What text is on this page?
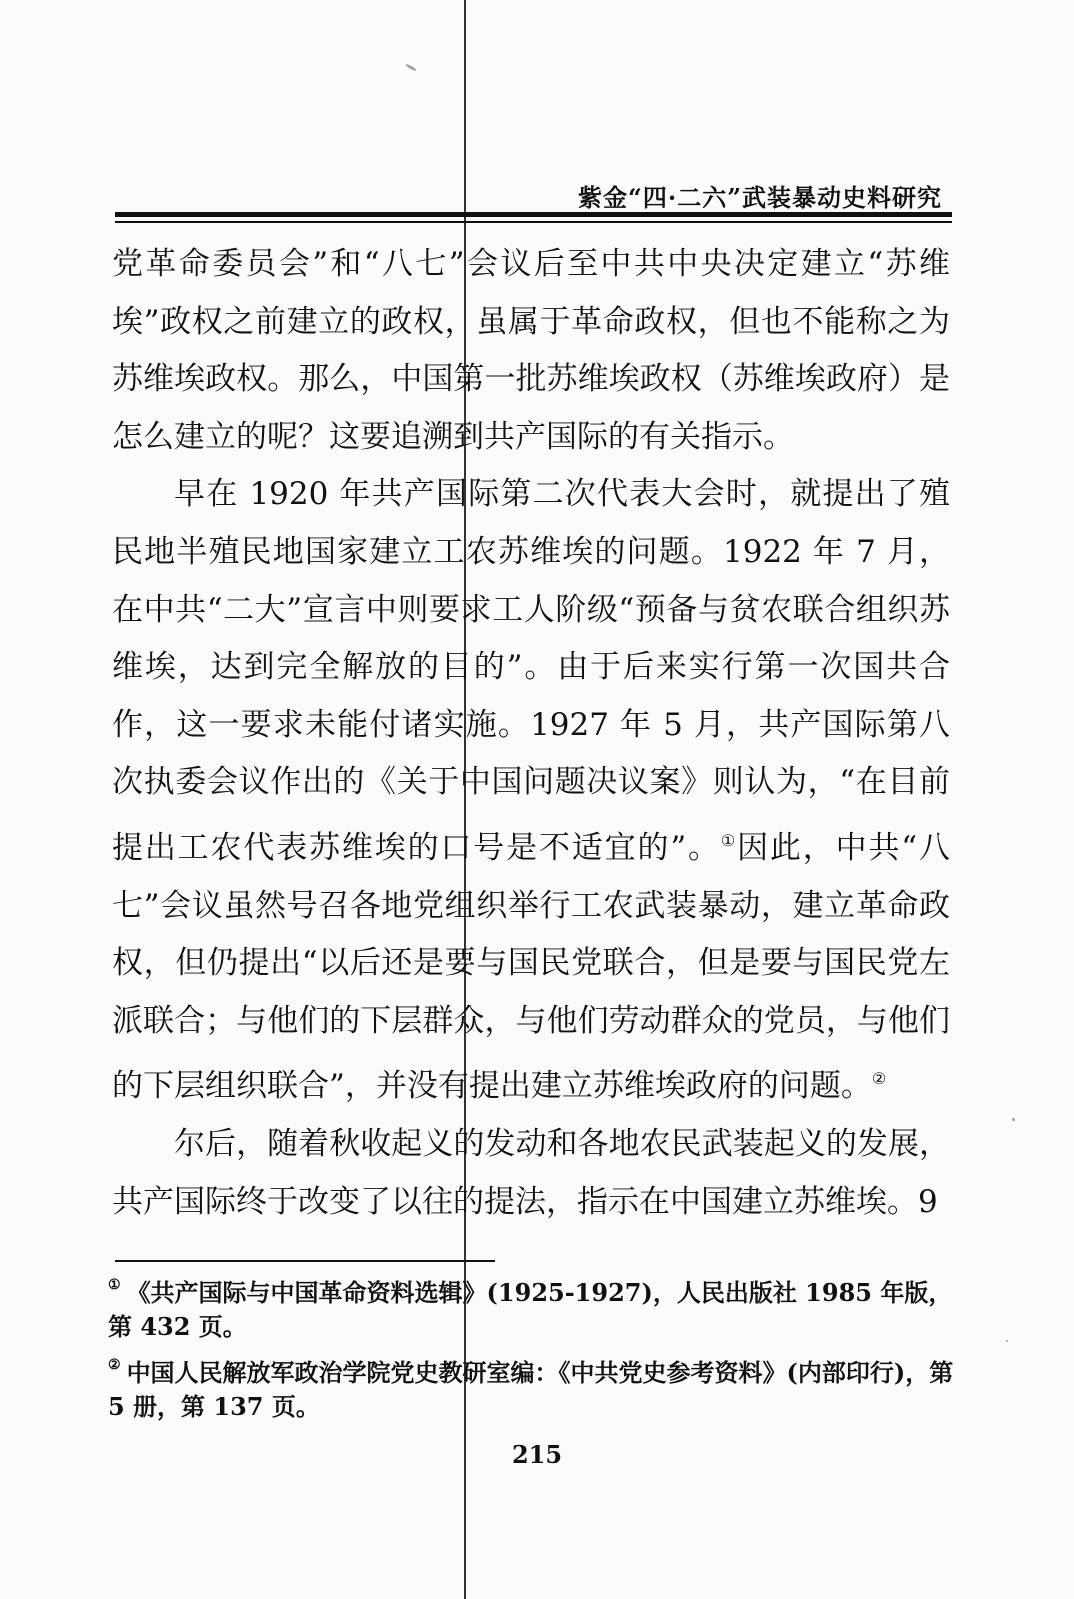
紫金“四·二六”武装暴动史料研究

党革命委员会”和“八七”会议后至中共中央决定建立“苏维埃”政权之前建立的政权，虽属于革命政权，但也不能称之为苏维埃政权。那么，中国第一批苏维埃政权（苏维埃政府）是怎么建立的呢？这要追溯到共产国际的有关指示。

早在 1920 年共产国际第二次代表大会时，就提出了殖民地半殖民地国家建立工农苏维埃的问题。1922 年 7 月，在中共“二大”宣言中则要求工人阶级“预备与贫农联合组织苏维埃，达到完全解放的目的”。由于后来实行第一次国共合作，这一要求未能付诸实施。1927 年 5 月，共产国际第八次执委会议作出的《关于中国问题决议案》则认为，“在目前提出工农代表苏维埃的口号是不适宜的”。①因此，中共“八七”会议虽然号召各地党组织举行工农武装暴动，建立革命政权，但仍提出“以后还是要与国民党联合，但是要与国民党左派联合；与他们的下层群众，与他们劳动群众的党员，与他们的下层组织联合”，并没有提出建立苏维埃政府的问题。②

尔后，随着秋收起义的发动和各地农民武装起义的发展，共产国际终于改变了以往的提法，指示在中国建立苏维埃。9

① 《共产国际与中国革命资料选辑》(1925-1927)，人民出版社 1985 年版，第 432 页。

② 中国人民解放军政治学院党史教研室编：《中共党史参考资料》(内部印行)，第 5 册，第 137 页。

215
